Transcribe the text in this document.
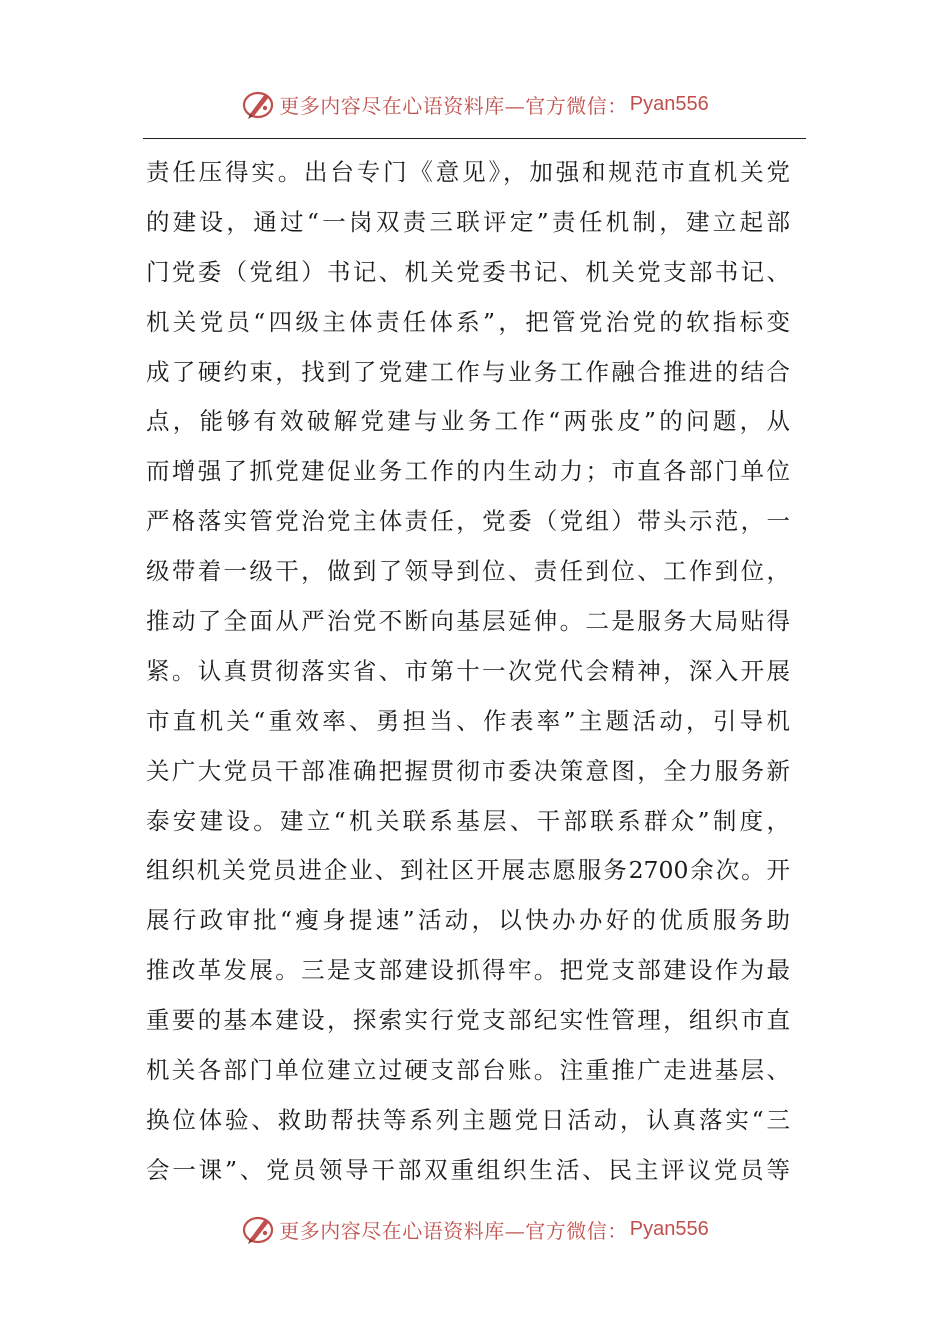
更多内容尽在心语资料库—官方微信： Pyan556
责任压得实。出台专门《意见》，加强和规范市直机关党
的建设，通过“一岗双责三联评定”责任机制，建立起部
门党委（党组）书记、机关党委书记、机关党支部书记、
机关党员“四级主体责任体系”，把管党治党的软指标变
成了硬约束，找到了党建工作与业务工作融合推进的结合
点，能够有效破解党建与业务工作“两张皮”的问题，从
而增强了抓党建促业务工作的内生动力；市直各部门单位
严格落实管党治党主体责任，党委（党组）带头示范，一
级带着一级干，做到了领导到位、责任到位、工作到位，
推动了全面从严治党不断向基层延伸。二是服务大局贴得
紧。认真贯彻落实省、市第十一次党代会精神，深入开展
市直机关“重效率、勇担当、作表率”主题活动，引导机
关广大党员干部准确把握贯彻市委决策意图，全力服务新
泰安建设。建立“机关联系基层、干部联系群众”制度，
组织机关党员进企业、到社区开展志愿服务2700余次。开
展行政审批“瘦身提速”活动，以快办办好的优质服务助
推改革发展。三是支部建设抓得牢。把党支部建设作为最
重要的基本建设，探索实行党支部纪实性管理，组织市直
机关各部门单位建立过硬支部台账。注重推广走进基层、
换位体验、救助帮扶等系列主题党日活动，认真落实“三
会一课”、党员领导干部双重组织生活、民主评议党员等
更多内容尽在心语资料库—官方微信： Pyan556
